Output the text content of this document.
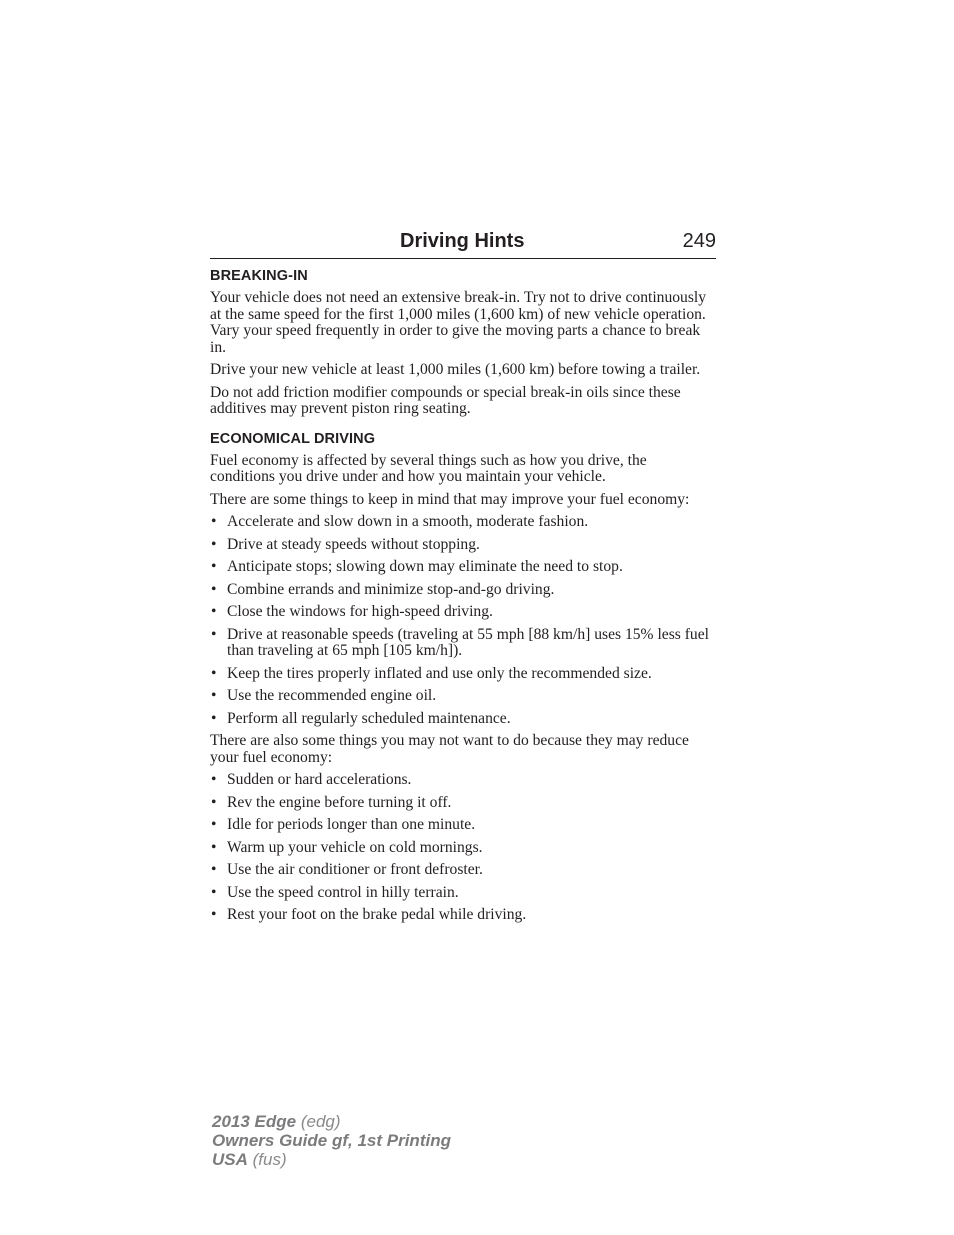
Driving Hints	249
BREAKING-IN

Your vehicle does not need an extensive break-in. Try not to drive continuously at the same speed for the first 1,000 miles (1,600 km) of new vehicle operation. Vary your speed frequently in order to give the moving parts a chance to break in.

Drive your new vehicle at least 1,000 miles (1,600 km) before towing a trailer.

Do not add friction modifier compounds or special break-in oils since these additives may prevent piston ring seating.

ECONOMICAL DRIVING

Fuel economy is affected by several things such as how you drive, the conditions you drive under and how you maintain your vehicle.

There are some things to keep in mind that may improve your fuel economy:

• Accelerate and slow down in a smooth, moderate fashion.
• Drive at steady speeds without stopping.
• Anticipate stops; slowing down may eliminate the need to stop.
• Combine errands and minimize stop-and-go driving.
• Close the windows for high-speed driving.
• Drive at reasonable speeds (traveling at 55 mph [88 km/h] uses 15% less fuel than traveling at 65 mph [105 km/h]).
• Keep the tires properly inflated and use only the recommended size.
• Use the recommended engine oil.
• Perform all regularly scheduled maintenance.

There are also some things you may not want to do because they may reduce your fuel economy:

• Sudden or hard accelerations.
• Rev the engine before turning it off.
• Idle for periods longer than one minute.
• Warm up your vehicle on cold mornings.
• Use the air conditioner or front defroster.
• Use the speed control in hilly terrain.
• Rest your foot on the brake pedal while driving.
2013 Edge (edg)
Owners Guide gf, 1st Printing
USA (fus)
